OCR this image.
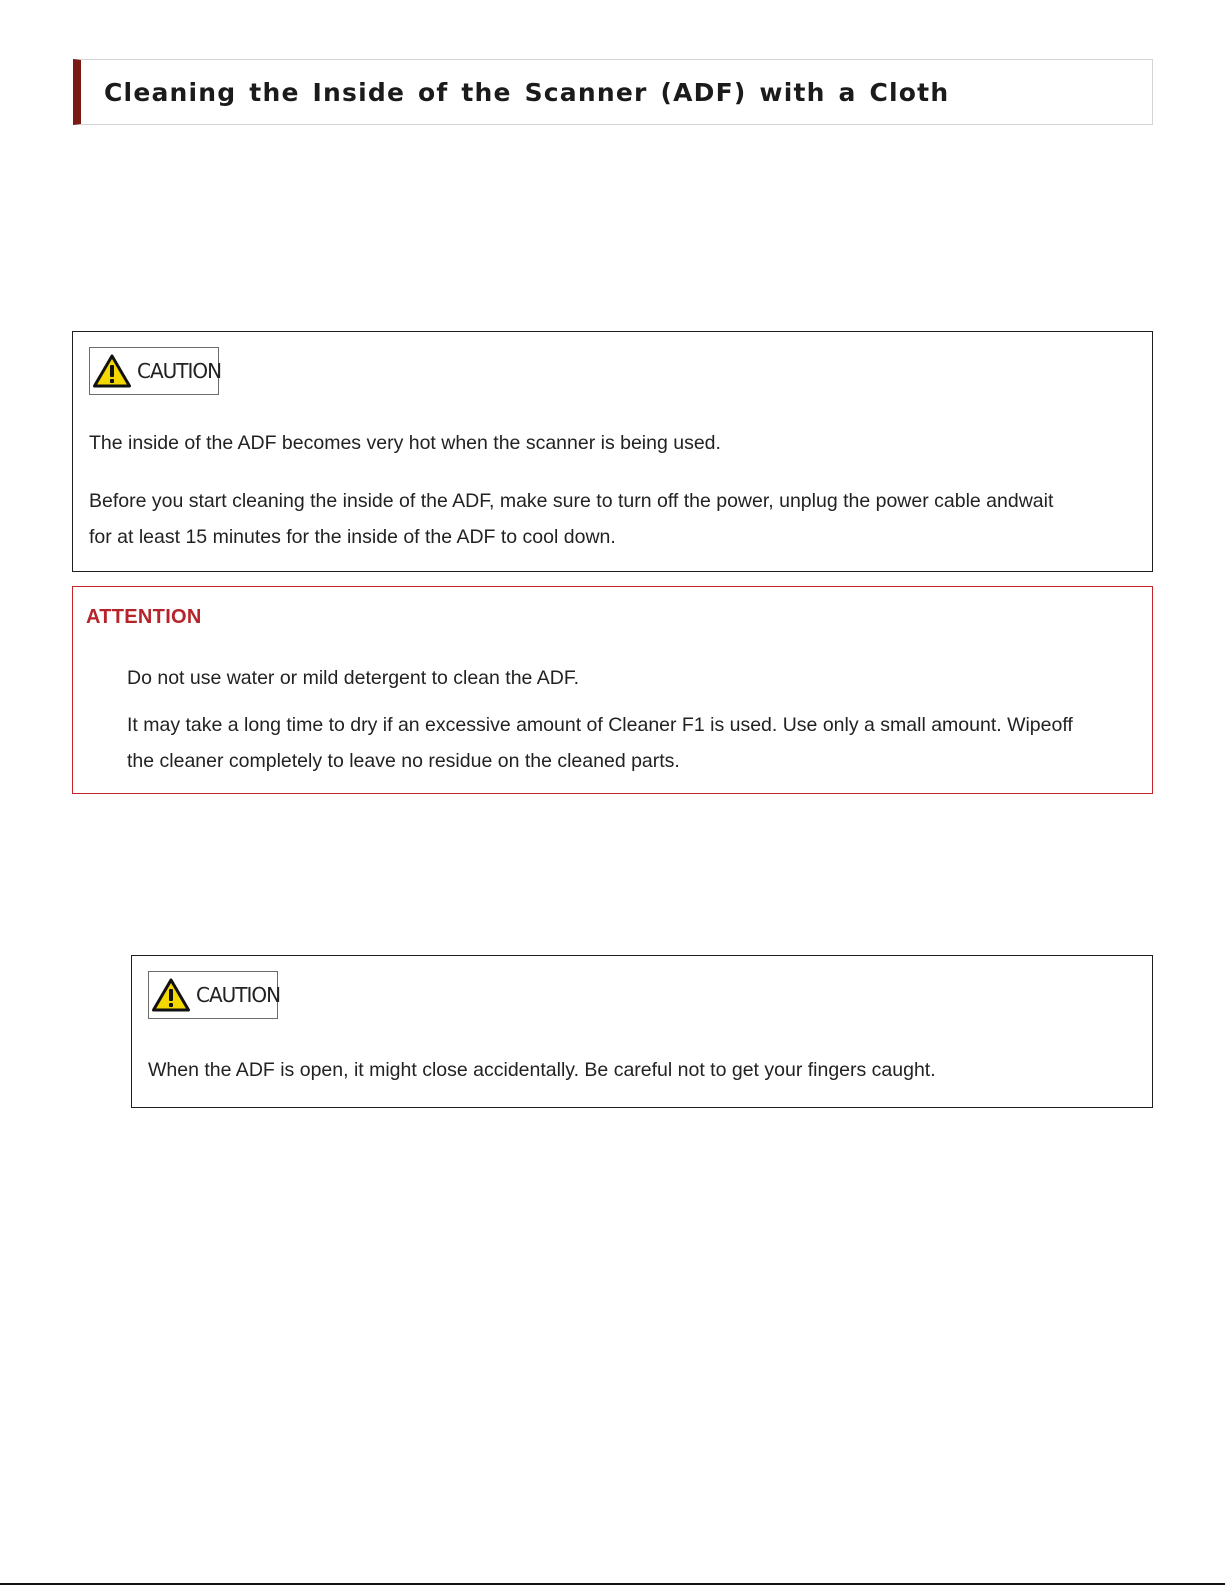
Cleaning the Inside of the Scanner (ADF) with a Cloth
CAUTION

The inside of the ADF becomes very hot when the scanner is being used.

Before you start cleaning the inside of the ADF, make sure to turn off the power, unplug the power cable andwait

for at least 15 minutes for the inside of the ADF to cool down.

ATTENTION

Do not use water or mild detergent to clean the ADF.

It may take a long time to dry if an excessive amount of Cleaner F1 is used. Use only a small amount. Wipeoff

the cleaner completely to leave no residue on the cleaned parts.

CAUTION

When the ADF is open, it might close accidentally. Be careful not to get your fingers caught.
